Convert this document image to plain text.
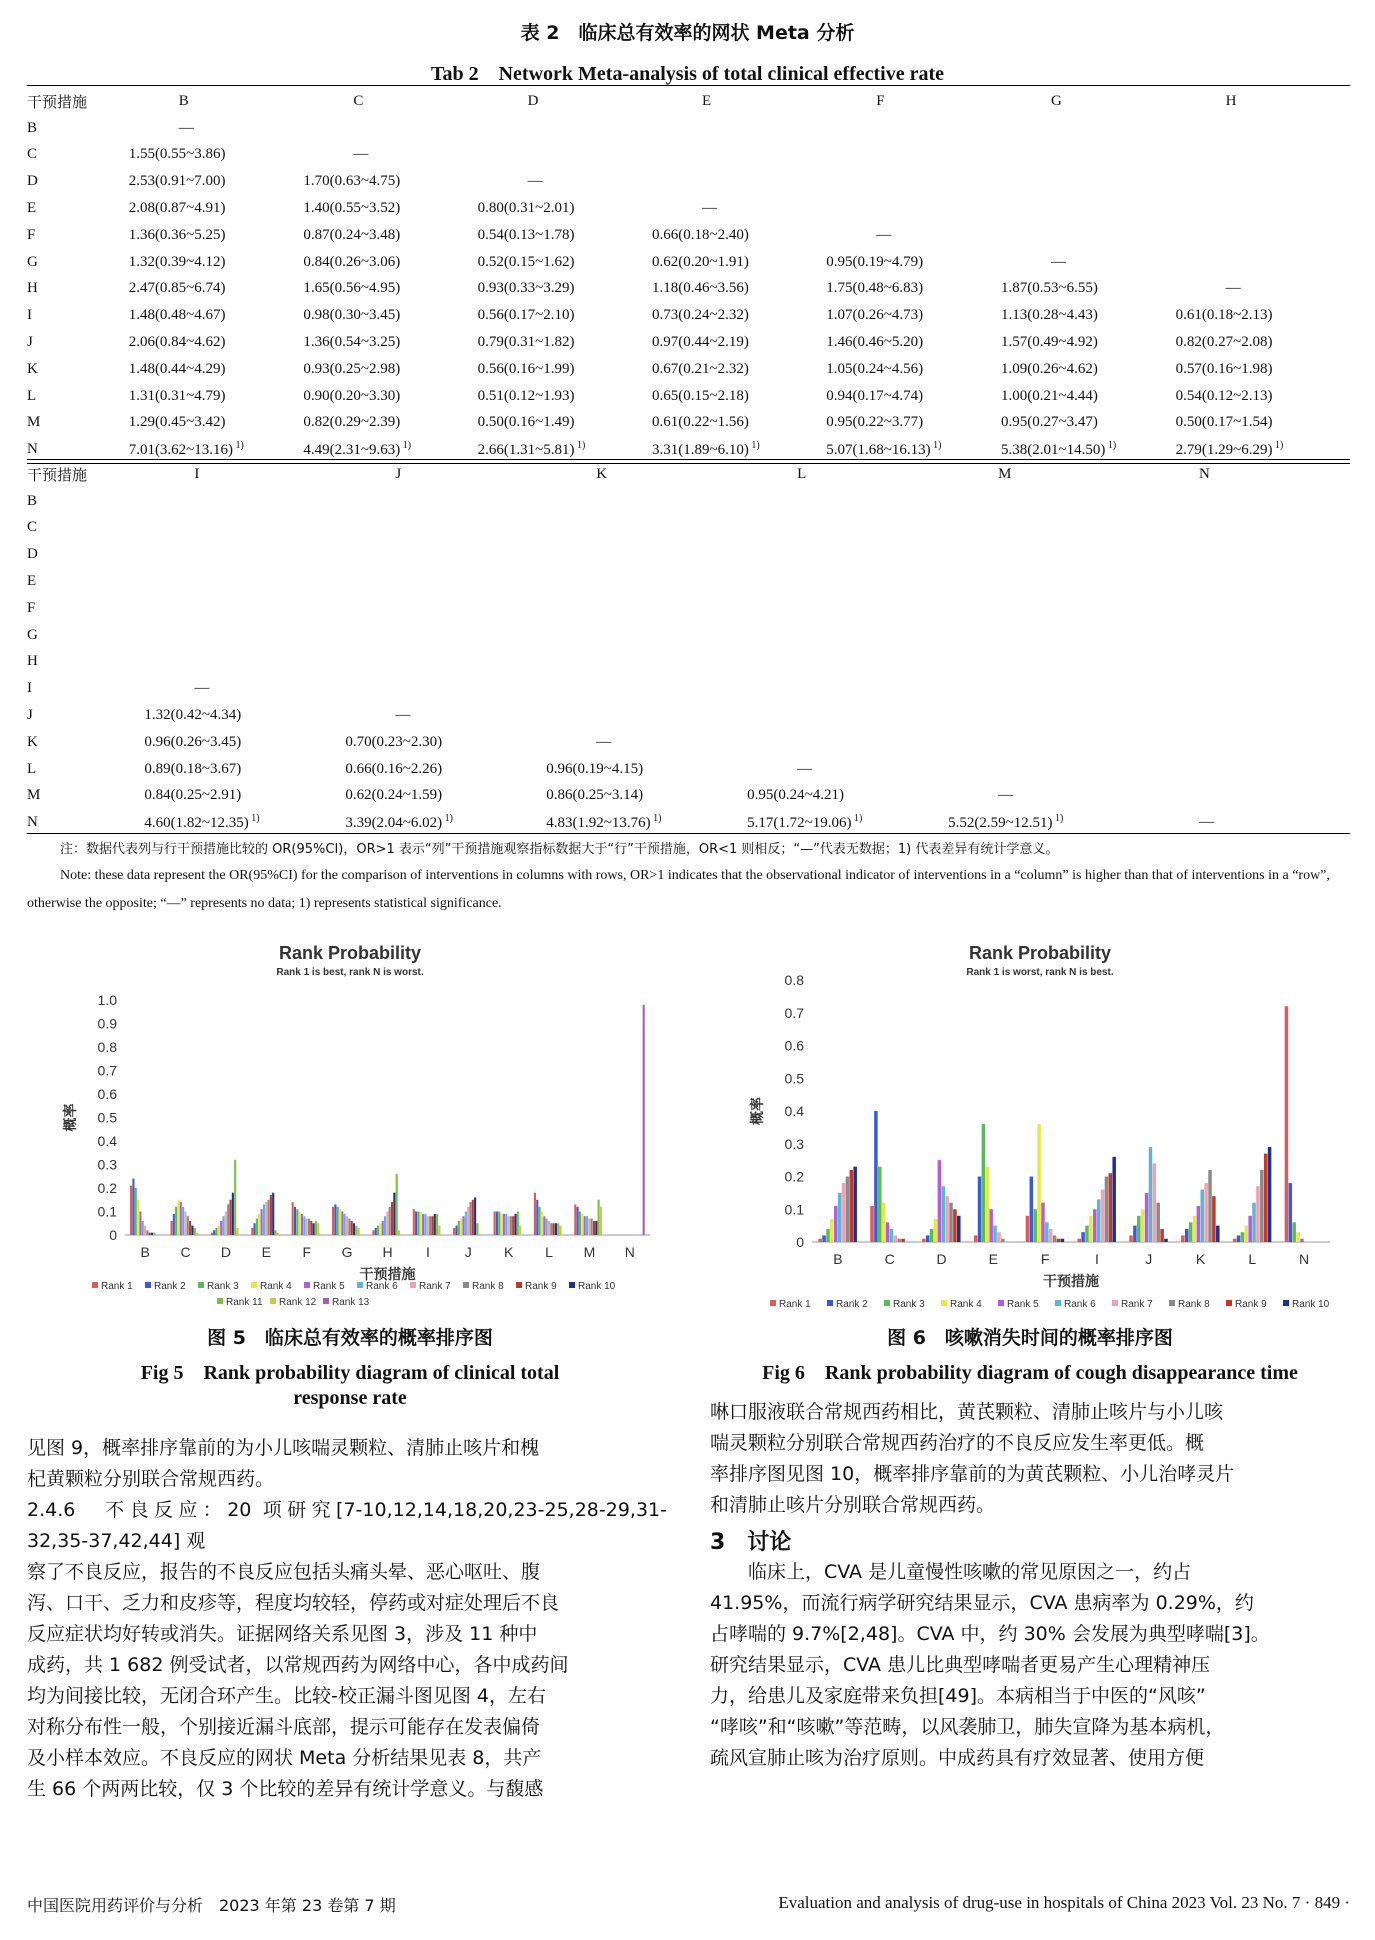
表 2　临床总有效率的网状 Meta 分析
Tab 2　Network Meta-analysis of total clinical effective rate
干预措施	B	C	D	E	F	G	H
B	—						
C	1.55(0.55~3.86)	—					
D	2.53(0.91~7.00)	1.70(0.63~4.75)	—				
E	2.08(0.87~4.91)	1.40(0.55~3.52)	0.80(0.31~2.01)	—			
F	1.36(0.36~5.25)	0.87(0.24~3.48)	0.54(0.13~1.78)	0.66(0.18~2.40)	—		
G	1.32(0.39~4.12)	0.84(0.26~3.06)	0.52(0.15~1.62)	0.62(0.20~1.91)	0.95(0.19~4.79)	—	
H	2.47(0.85~6.74)	1.65(0.56~4.95)	0.93(0.33~3.29)	1.18(0.46~3.56)	1.75(0.48~6.83)	1.87(0.53~6.55)	—
I	1.48(0.48~4.67)	0.98(0.30~3.45)	0.56(0.17~2.10)	0.73(0.24~2.32)	1.07(0.26~4.73)	1.13(0.28~4.43)	0.61(0.18~2.13)
J	2.06(0.84~4.62)	1.36(0.54~3.25)	0.79(0.31~1.82)	0.97(0.44~2.19)	1.46(0.46~5.20)	1.57(0.49~4.92)	0.82(0.27~2.08)
K	1.48(0.44~4.29)	0.93(0.25~2.98)	0.56(0.16~1.99)	0.67(0.21~2.32)	1.05(0.24~4.56)	1.09(0.26~4.62)	0.57(0.16~1.98)
L	1.31(0.31~4.79)	0.90(0.20~3.30)	0.51(0.12~1.93)	0.65(0.15~2.18)	0.94(0.17~4.74)	1.00(0.21~4.44)	0.54(0.12~2.13)
M	1.29(0.45~3.42)	0.82(0.29~2.39)	0.50(0.16~1.49)	0.61(0.22~1.56)	0.95(0.22~3.77)	0.95(0.27~3.47)	0.50(0.17~1.54)
N	7.01(3.62~13.16) $^{1)}$	4.49(2.31~9.63) $^{1)}$	2.66(1.31~5.81) $^{1)}$	3.31(1.89~6.10) $^{1)}$	5.07(1.68~16.13) $^{1)}$	5.38(2.01~14.50) $^{1)}$	2.79(1.29~6.29) $^{1)}$
干预措施	I	J	K	L	M	N
B						
C						
D						
E						
F						
G						
H						
I	—					
J	1.32(0.42~4.34)	—				
K	0.96(0.26~3.45)	0.70(0.23~2.30)	—			
L	0.89(0.18~3.67)	0.66(0.16~2.26)	0.96(0.19~4.15)	—		
M	0.84(0.25~2.91)	0.62(0.24~1.59)	0.86(0.25~3.14)	0.95(0.24~4.21)	—	
N	4.60(1.82~12.35) $^{1)}$	3.39(2.04~6.02) $^{1)}$	4.83(1.92~13.76) $^{1)}$	5.17(1.72~19.06) $^{1)}$	5.52(2.59~12.51) $^{1)}$	—
注：数据代表列与行干预措施比较的 OR(95%CI)，OR>1 表示“列”干预措施观察指标数据大于“行”干预措施，OR<1 则相反；“—”代表无数据；1) 代表差异有统计学意义。
Note: these data represent the OR(95%CI) for the comparison of interventions in columns with rows, OR>1 indicates that the observational indicator of interventions in a “column” is higher than that of interventions in a “row”, otherwise the opposite; “—” represents no data; 1) represents statistical significance.
Rank Probability
Rank 1 is best, rank N is worst.
1.0
0.9
0.8
0.7
0.6
0.5
0.4
0.3
0.2
0.1
0
概率
B C D E F G H I J K L M N
干预措施
Rank 1 Rank 2 Rank 3 Rank 4 Rank 5 Rank 6 Rank 7 Rank 8 Rank 9 Rank 10
Rank 11 Rank 12 Rank 13
图 5　临床总有效率的概率排序图
Fig 5　Rank probability diagram of clinical total
response rate
Rank Probability
Rank 1 is worst, rank N is best.
0.8
0.7
0.6
0.5
0.4
0.3
0.2
0.1
0
概率
B	C	D	E	F	I	J	K	L	N
干预措施
Rank 1	Rank 2	Rank 3	Rank 4	Rank 5	Rank 6	Rank 7	Rank 8	Rank 9	Rank 10
图 6　咳嗽消失时间的概率排序图
Fig 6　Rank probability diagram of cough disappearance time
见图 9，概率排序靠前的为小儿咳喘灵颗粒、清肺止咳片和槐
杞黄颗粒分别联合常规西药。
2.4.6　不良反应：20 项研究[7-10,12,14,18,20,23-25,28-29,31-32,35-37,42,44] 观
察了不良反应，报告的不良反应包括头痛头晕、恶心呕吐、腹
泻、口干、乏力和皮疹等，程度均较轻，停药或对症处理后不良
反应症状均好转或消失。证据网络关系见图 3，涉及 11 种中
成药，共 1 682 例受试者，以常规西药为网络中心，各中成药间
均为间接比较，无闭合环产生。比较-校正漏斗图见图 4，左右
对称分布性一般，个别接近漏斗底部，提示可能存在发表偏倚
及小样本效应。不良反应的网状 Meta 分析结果见表 8，共产
生 66 个两两比较，仅 3 个比较的差异有统计学意义。与馥感
啉口服液联合常规西药相比，黄芪颗粒、清肺止咳片与小儿咳
喘灵颗粒分别联合常规西药治疗的不良反应发生率更低。概
率排序图见图 10，概率排序靠前的为黄芪颗粒、小儿治哮灵片
和清肺止咳片分别联合常规西药。
3　讨论
　　临床上，CVA 是儿童慢性咳嗽的常见原因之一，约占
41.95%，而流行病学研究结果显示，CVA 患病率为 0.29%，约
占哮喘的 9.7%[2,48]。CVA 中，约 30% 会发展为典型哮喘[3]。
研究结果显示，CVA 患儿比典型哮喘者更易产生心理精神压
力，给患儿及家庭带来负担[49]。本病相当于中医的“风咳”
“哮咳”和“咳嗽”等范畴，以风袭肺卫，肺失宣降为基本病机，
疏风宣肺止咳为治疗原则。中成药具有疗效显著、使用方便
中国医院用药评价与分析　2023 年第 23 卷第 7 期	Evaluation and analysis of drug-use in hospitals of China 2023 Vol. 23 No. 7 · 849 ·
